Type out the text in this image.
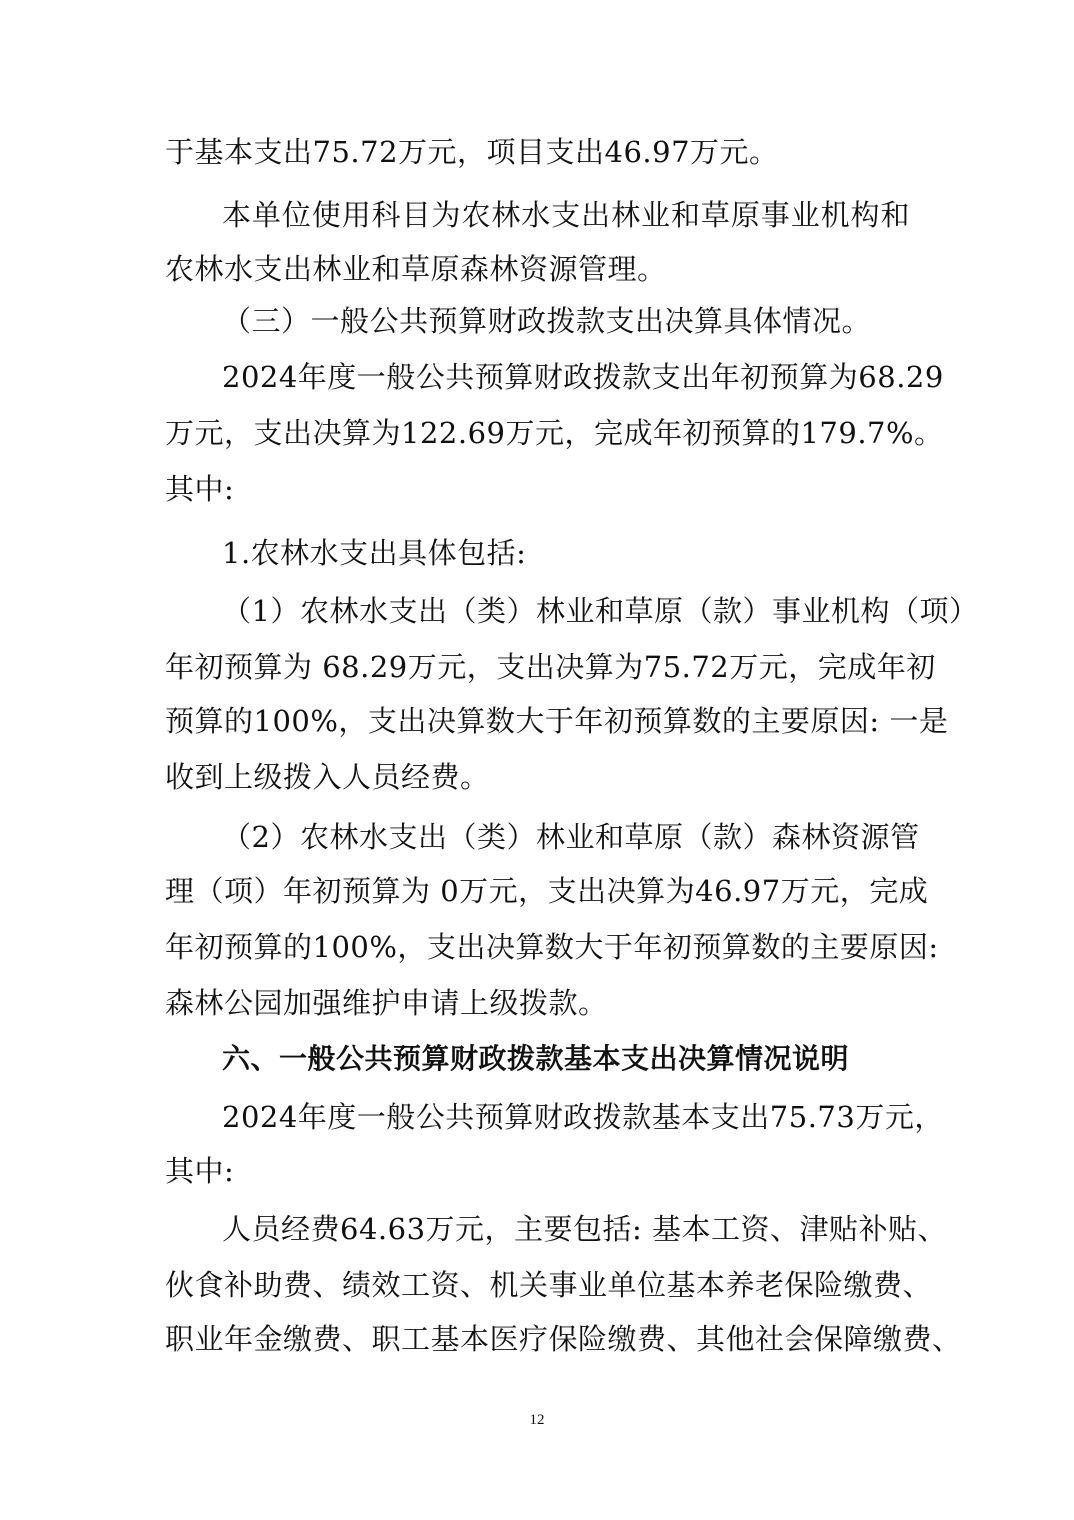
于基本支出75.72万元，项目支出46.97万元。
本单位使用科目为农林水支出林业和草原事业机构和
农林水支出林业和草原森林资源管理。
（三）一般公共预算财政拨款支出决算具体情况。
2024年度一般公共预算财政拨款支出年初预算为68.29
万元，支出决算为122.69万元，完成年初预算的179.7%。
其中:
1.农林水支出具体包括:
（1）农林水支出（类）林业和草原（款）事业机构（项）
年初预算为 68.29万元，支出决算为75.72万元，完成年初
预算的100%，支出决算数大于年初预算数的主要原因: 一是
收到上级拨入人员经费。
（2）农林水支出（类）林业和草原（款）森林资源管
理（项）年初预算为 0万元，支出决算为46.97万元，完成
年初预算的100%，支出决算数大于年初预算数的主要原因:
森林公园加强维护申请上级拨款。
六、一般公共预算财政拨款基本支出决算情况说明
2024年度一般公共预算财政拨款基本支出75.73万元，
其中:
人员经费64.63万元，主要包括: 基本工资、津贴补贴、
伙食补助费、绩效工资、机关事业单位基本养老保险缴费、
职业年金缴费、职工基本医疗保险缴费、其他社会保障缴费、
12
